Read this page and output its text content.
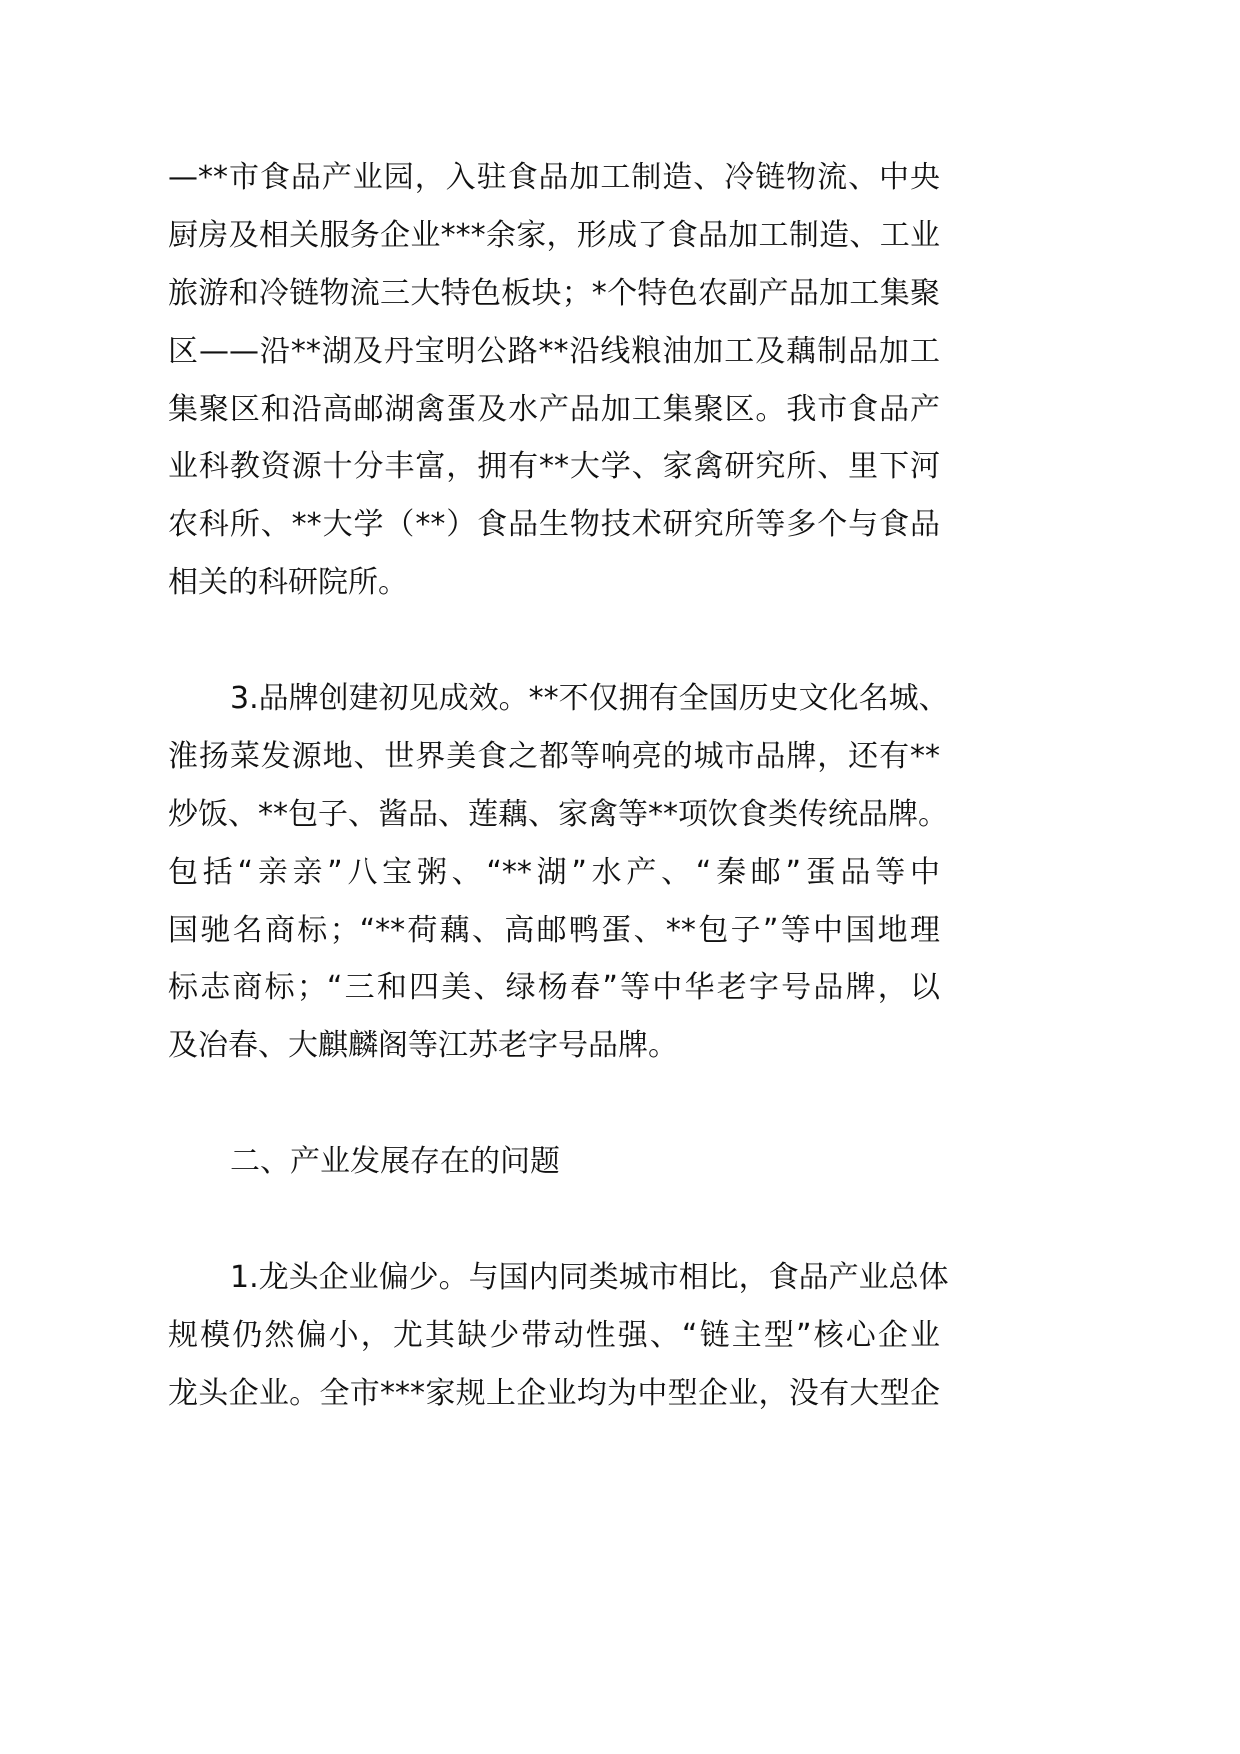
—**市食品产业园，入驻食品加工制造、冷链物流、中央
厨房及相关服务企业***余家，形成了食品加工制造、工业
旅游和冷链物流三大特色板块；*个特色农副产品加工集聚
区——沿**湖及丹宝明公路**沿线粮油加工及藕制品加工
集聚区和沿高邮湖禽蛋及水产品加工集聚区。我市食品产
业科教资源十分丰富，拥有**大学、家禽研究所、里下河
农科所、**大学（**）食品生物技术研究所等多个与食品
相关的科研院所。
3.品牌创建初见成效。**不仅拥有全国历史文化名城、
淮扬菜发源地、世界美食之都等响亮的城市品牌，还有**
炒饭、**包子、酱品、莲藕、家禽等**项饮食类传统品牌。
包括“亲亲”八宝粥、“**湖”水产、“秦邮”蛋品等中
国驰名商标；“**荷藕、高邮鸭蛋、**包子”等中国地理
标志商标；“三和四美、绿杨春”等中华老字号品牌，以
及冶春、大麒麟阁等江苏老字号品牌。
二、产业发展存在的问题
1.龙头企业偏少。与国内同类城市相比，食品产业总体
规模仍然偏小，尤其缺少带动性强、“链主型”核心企业
龙头企业。全市***家规上企业均为中型企业，没有大型企
